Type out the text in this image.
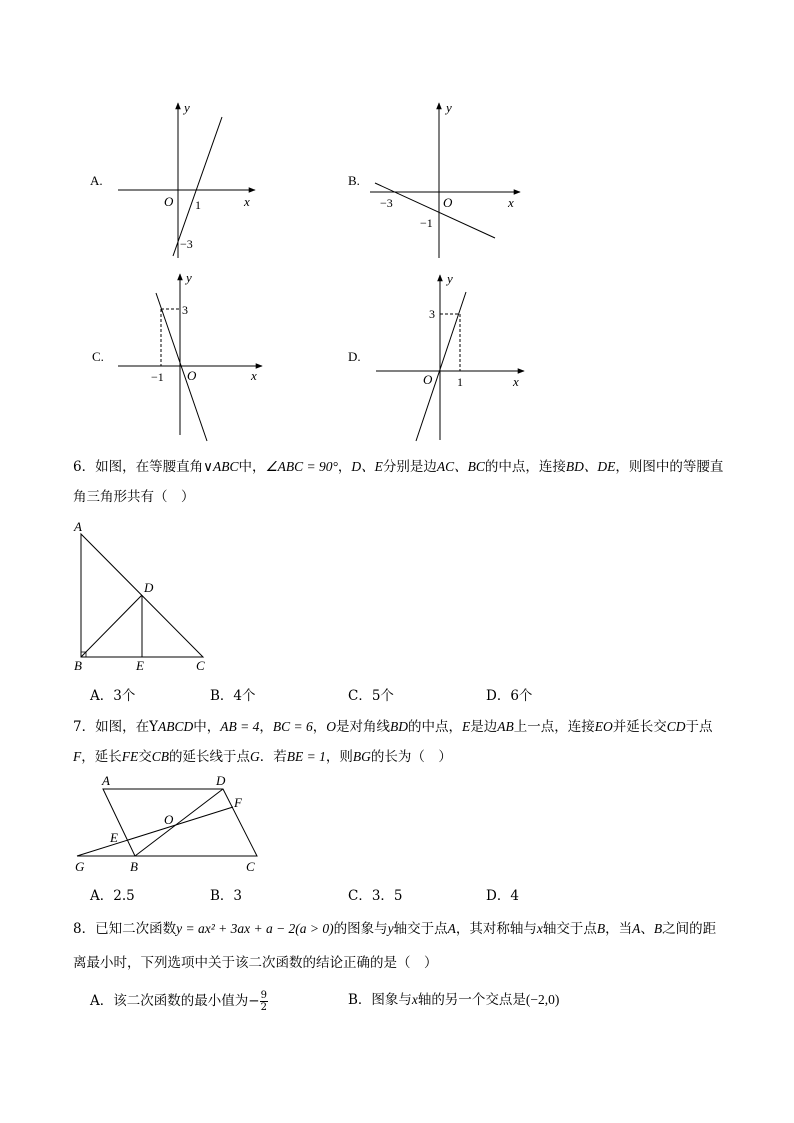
A.
y
x
O 1
−3
B.
y
x
O
−3
−1
C.
y
x
O
3
−1
D.
y
x
O
3
1
6．如图，在等腰直角∨ABC中，∠ABC = 90°，D、E分别是边AC、BC的中点，连接BD、DE，则图中的等腰直角三角形共有（　）
A
B	C
D
E
A．3个	B．4个	C．5个	D．6个
7．如图，在YABCD中，AB = 4，BC = 6，O是对角线BD的中点，E是边AB上一点，连接EO并延长交CD于点F，延长FE交CB的延长线于点G．若BE = 1，则BG的长为（　）
A	D
F
O
E
G	B	C
A．2.5	B．3	C．3．5	D．4
8．已知二次函数y = ax² + 3ax + a − 2(a > 0)的图象与y轴交于点A，其对称轴与x轴交于点B，当A、B之间的距离最小时，下列选项中关于该二次函数的结论正确的是（　）
A．该二次函数的最小值为− $\frac{9}{2}$	B．图象与x轴的另一个交点是(−2,0)
